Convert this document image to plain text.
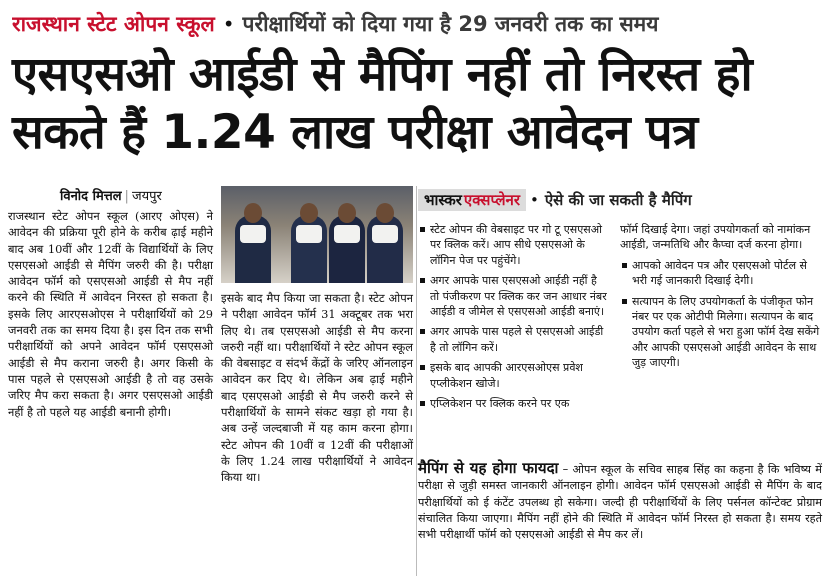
राजस्थान स्टेट ओपन स्कूल • परीक्षार्थियों को दिया गया है 29 जनवरी तक का समय
एसएसओ आईडी से मैपिंग नहीं तो निरस्त हो सकते हैं 1.24 लाख परीक्षा आवेदन पत्र
विनोद मित्तल | जयपुर

राजस्थान स्टेट ओपन स्कूल (आरए ओएस) ने आवेदन की प्रक्रिया पूरी होने के करीब ढ़ाई महीने बाद अब 10वीं और 12वीं के विद्यार्थियों के लिए एसएसओ आईडी से मैपिंग जरुरी की है। परीक्षा आवेदन फॉर्म को एसएसओ आईडी से मैप नहीं करने की स्थिति में आवेदन निरस्त हो सकता है। इसके लिए आरएसओएस ने परीक्षार्थियों को 29 जनवरी तक का समय दिया है। इस दिन तक सभी परीक्षार्थियों को अपने आवेदन फॉर्म एसएसओ आईडी से मैप कराना जरुरी है। अगर किसी के पास पहले से एसएसओ आईडी है तो वह उसके जरिए मैप करा सकता है। अगर एसएसओ आईडी नहीं है तो पहले यह आईडी बनानी होगी।

इसके बाद मैप किया जा सकता है। स्टेट ओपन ने परीक्षा आवेदन फॉर्म 31 अक्टूबर तक भरा लिए थे। तब एसएसओ आईडी से मैप करना जरुरी नहीं था। परीक्षार्थियों ने स्टेट ओपन स्कूल की वेबसाइट व संदर्भ केंद्रों के जरिए ऑनलाइन आवेदन कर दिए थे। लेकिन अब ढ़ाई महीने बाद एसएसओ आईडी से मैप जरुरी करने से परीक्षार्थियों के सामने संकट खड़ा हो गया है। अब उन्हें जल्दबाजी में यह काम करना होगा। स्टेट ओपन की 10वीं व 12वीं की परीक्षाओं के लिए 1.24 लाख परीक्षार्थियों ने आवेदन किया था।

भास्कर एक्सप्लेनर • ऐसे की जा सकती है मैपिंग
स्टेट ओपन की वेबसाइट पर गो टू एसएसओ पर क्लिक करें। आप सीधे एसएसओ के लॉगिन पेज पर पहुंचेंगे।
अगर आपके पास एसएसओ आईडी नहीं है तो पंजीकरण पर क्लिक कर जन आधार नंबर आईडी व जीमेल से एसएसओ आईडी बनाएं।
अगर आपके पास पहले से एसएसओ आईडी है तो लॉगिन करें।
इसके बाद आपकी आरएसओएस प्रवेश एप्लीकेशन खोजे।
एप्लिकेशन पर क्लिक करने पर एक
फॉर्म दिखाई देगा। जहां उपयोगकर्ता को नामांकन आईडी, जन्मतिथि और कैप्चा दर्ज करना होगा।
आपको आवेदन पत्र और एसएसओ पोर्टल से भरी गई जानकारी दिखाई देगी।
सत्यापन के लिए उपयोगकर्ता के पंजीकृत फोन नंबर पर एक ओटीपी मिलेगा। सत्यापन के बाद उपयोग कर्ता पहले से भरा हुआ फॉर्म देख सकेंगे और आपकी एसएसओ आईडी आवेदन के साथ जुड़ जाएगी।

मैपिंग से यह होगा फायदा – ओपन स्कूल के सचिव साहब सिंह का कहना है कि भविष्य में परीक्षा से जुड़ी समस्त जानकारी ऑनलाइन होगी। आवेदन फॉर्म एसएसओ आईडी से मैपिंग के बाद परीक्षार्थियों को ई कंटेंट उपलब्ध हो सकेगा। जल्दी ही परीक्षार्थियों के लिए पर्सनल कॉन्टेक्ट प्रोग्राम संचालित किया जाएगा। मैपिंग नहीं होने की स्थिति में आवेदन फॉर्म निरस्त हो सकता है। समय रहते सभी परीक्षार्थी फॉर्म को एसएसओ आईडी से मैप कर लें।
